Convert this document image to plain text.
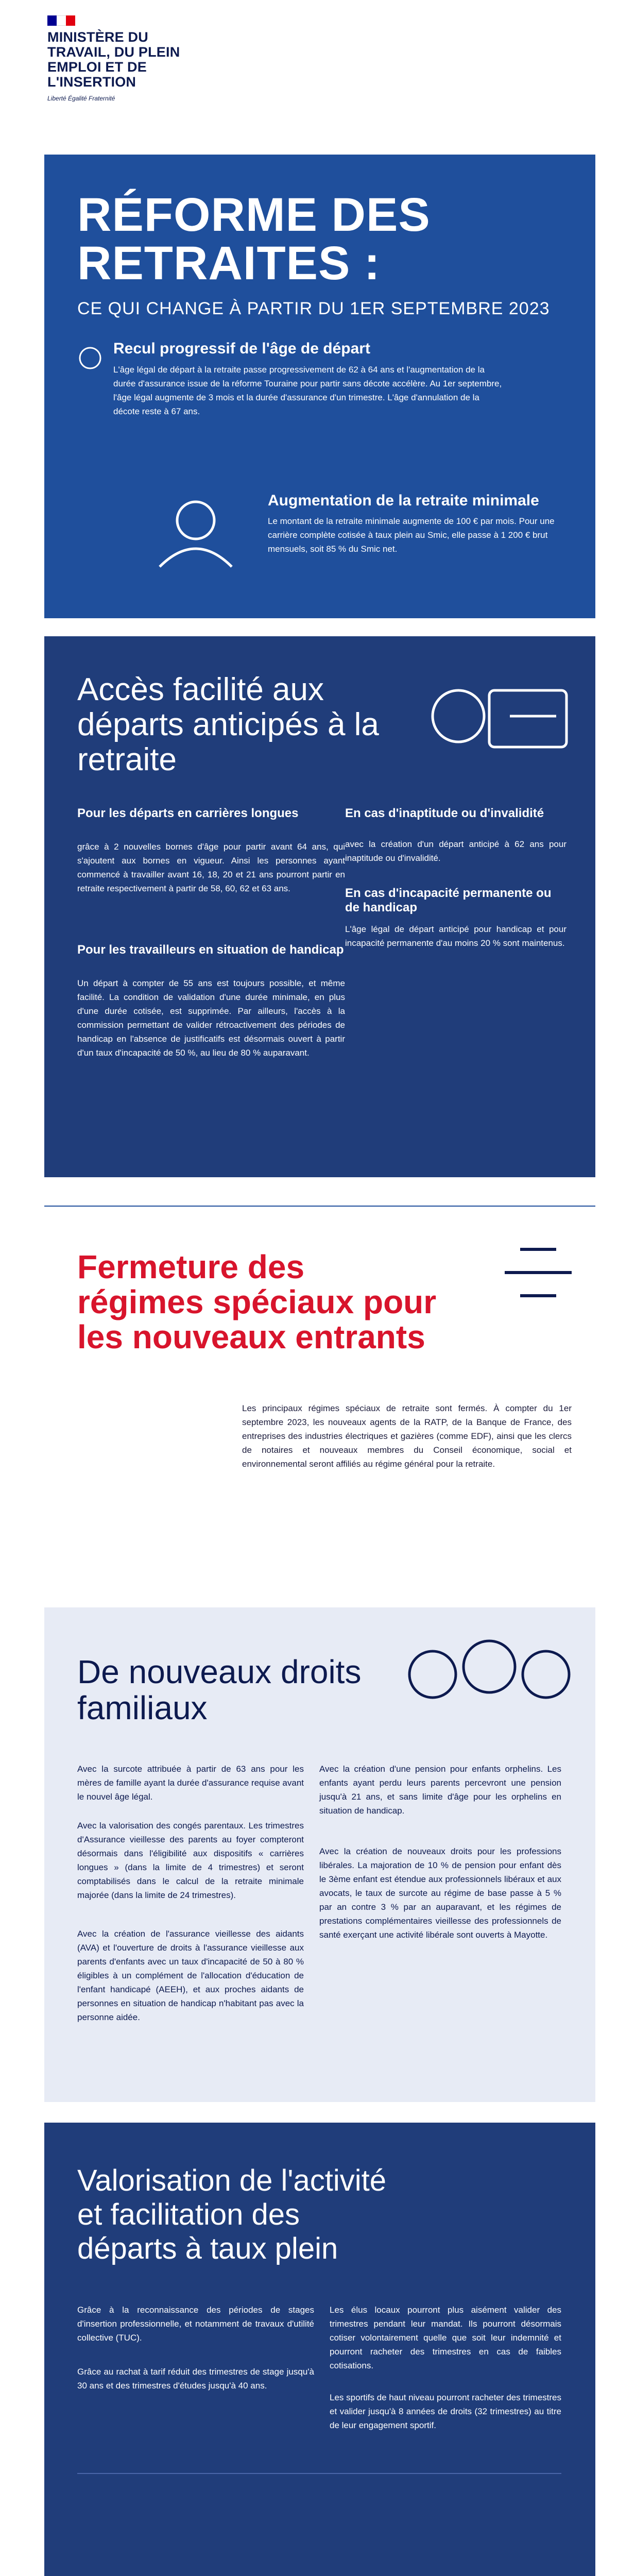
MINISTÈRE DU TRAVAIL, DU PLEIN EMPLOI ET DE L'INSERTION
Liberté Égalité Fraternité
RÉFORME DES RETRAITES :
CE QUI CHANGE À PARTIR DU 1ER SEPTEMBRE 2023
Recul progressif de l'âge de départ
L'âge légal de départ à la retraite passe progressivement de 62 à 64 ans et l'augmentation de la durée d'assurance issue de la réforme Touraine pour partir sans décote accélère. Au 1er septembre, l'âge légal augmente de 3 mois et la durée d'assurance d'un trimestre. L'âge d'annulation de la décote reste à 67 ans.
Augmentation de la retraite minimale
Le montant de la retraite minimale augmente de 100 € par mois. Pour une carrière complète cotisée à taux plein au Smic, elle passe à 1 200 € brut mensuels, soit 85 % du Smic net.
Accès facilité aux départs anticipés à la retraite
Pour les départs en carrières longues
grâce à 2 nouvelles bornes d'âge pour partir avant 64 ans, qui s'ajoutent aux bornes en vigueur. Ainsi les personnes ayant commencé à travailler avant 16, 18, 20 et 21 ans pourront partir en retraite respectivement à partir de 58, 60, 62 et 63 ans.
Pour les travailleurs en situation de handicap
Un départ à compter de 55 ans est toujours possible, et même facilité. La condition de validation d'une durée minimale, en plus d'une durée cotisée, est supprimée. Par ailleurs, l'accès à la commission permettant de valider rétroactivement des périodes de handicap en l'absence de justificatifs est désormais ouvert à partir d'un taux d'incapacité de 50 %, au lieu de 80 % auparavant.
En cas d'inaptitude ou d'invalidité
avec la création d'un départ anticipé à 62 ans pour inaptitude ou d'invalidité.
En cas d'incapacité permanente ou de handicap
L'âge légal de départ anticipé pour handicap et pour incapacité permanente d'au moins 20 % sont maintenus.
Fermeture des régimes spéciaux pour les nouveaux entrants
Les principaux régimes spéciaux de retraite sont fermés. À compter du 1er septembre 2023, les nouveaux agents de la RATP, de la Banque de France, des entreprises des industries électriques et gazières (comme EDF), ainsi que les clercs de notaires et nouveaux membres du Conseil économique, social et environnemental seront affiliés au régime général pour la retraite.
De nouveaux droits familiaux
Avec la surcote attribuée à partir de 63 ans pour les mères de famille ayant la durée d'assurance requise avant le nouvel âge légal.
Avec la valorisation des congés parentaux. Les trimestres d'Assurance vieillesse des parents au foyer compteront désormais dans l'éligibilité aux dispositifs « carrières longues » (dans la limite de 4 trimestres) et seront comptabilisés dans le calcul de la retraite minimale majorée (dans la limite de 24 trimestres).
Avec la création de l'assurance vieillesse des aidants (AVA) et l'ouverture de droits à l'assurance vieillesse aux parents d'enfants avec un taux d'incapacité de 50 à 80 % éligibles à un complément de l'allocation d'éducation de l'enfant handicapé (AEEH), et aux proches aidants de personnes en situation de handicap n'habitant pas avec la personne aidée.
Avec la création d'une pension pour enfants orphelins. Les enfants ayant perdu leurs parents percevront une pension jusqu'à 21 ans, et sans limite d'âge pour les orphelins en situation de handicap.
Avec la création de nouveaux droits pour les professions libérales. La majoration de 10 % de pension pour enfant dès le 3ème enfant est étendue aux professionnels libéraux et aux avocats, le taux de surcote au régime de base passe à 5 % par an contre 3 % par an auparavant, et les régimes de prestations complémentaires vieillesse des professionnels de santé exerçant une activité libérale sont ouverts à Mayotte.
Valorisation de l'activité
et facilitation des
départs à taux plein
Grâce à la reconnaissance des périodes de stages d'insertion professionnelle, et notamment de travaux d'utilité collective (TUC).
Grâce au rachat à tarif réduit des trimestres de stage jusqu'à 30 ans et des trimestres d'études jusqu'à 40 ans.
Les élus locaux pourront plus aisément valider des trimestres pendant leur mandat. Ils pourront désormais cotiser volontairement quelle que soit leur indemnité et pourront racheter des trimestres en cas de faibles cotisations.
Les sportifs de haut niveau pourront racheter des trimestres et valider jusqu'à 8 années de droits (32 trimestres) au titre de leur engagement sportif.
